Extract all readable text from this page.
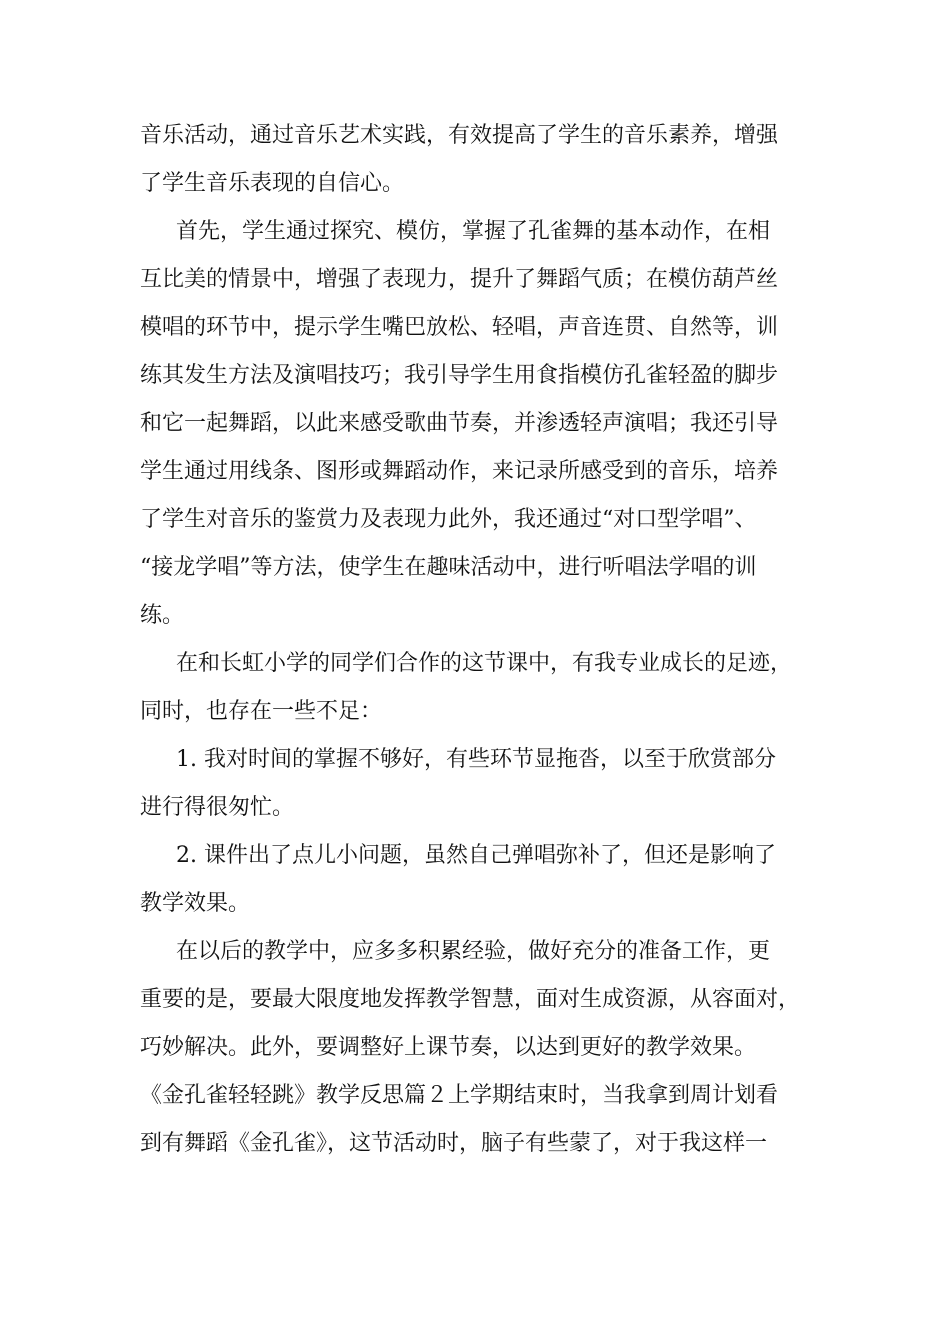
音乐活动，通过音乐艺术实践，有效提高了学生的音乐素养，增强
了学生音乐表现的自信心。
首先，学生通过探究、模仿，掌握了孔雀舞的基本动作，在相
互比美的情景中，增强了表现力，提升了舞蹈气质；在模仿葫芦丝
模唱的环节中，提示学生嘴巴放松、轻唱，声音连贯、自然等，训
练其发生方法及演唱技巧；我引导学生用食指模仿孔雀轻盈的脚步
和它一起舞蹈，以此来感受歌曲节奏，并渗透轻声演唱；我还引导
学生通过用线条、图形或舞蹈动作，来记录所感受到的音乐，培养
了学生对音乐的鉴赏力及表现力此外，我还通过“对口型学唱”、
“接龙学唱”等方法，使学生在趣味活动中，进行听唱法学唱的训
练。
在和长虹小学的同学们合作的这节课中，有我专业成长的足迹，
同时，也存在一些不足：
1. 我对时间的掌握不够好，有些环节显拖沓，以至于欣赏部分
进行得很匆忙。
2. 课件出了点儿小问题，虽然自己弹唱弥补了，但还是影响了
教学效果。
在以后的教学中，应多多积累经验，做好充分的准备工作，更
重要的是，要最大限度地发挥教学智慧，面对生成资源，从容面对，
巧妙解决。此外，要调整好上课节奏，以达到更好的教学效果。
《金孔雀轻轻跳》教学反思篇２上学期结束时，当我拿到周计划看
到有舞蹈《金孔雀》，这节活动时，脑子有些蒙了，对于我这样一
